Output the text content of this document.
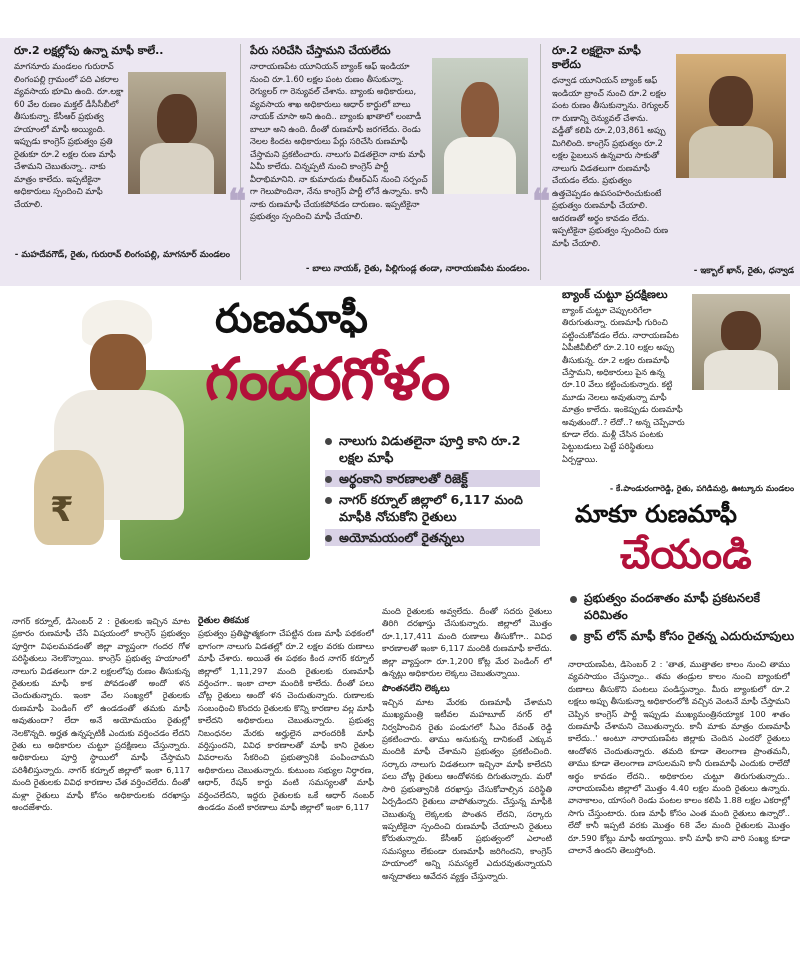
రూ.2 లక్షల్లోపు ఉన్నా మాఫీ కాలే..
మాగనూరు మండలం గురురావ్ లింగంపల్లి గ్రామంలో పది ఎకరాల వ్యవసాయ భూమి ఉంది. రూ.లక్షా 60 వేల రుణం మక్తల్ డీసీసీబీలో తీసుకున్నా. కేసీఆర్ ప్రభుత్వ హయాంలో మాఫీ అయ్యింది. ఇప్పుడు కాంగ్రెస్ ప్రభుత్వం ప్రతి రైతుకూ రూ.2 లక్షల రుణ మాఫీ చేశామని చెబుతున్నా.. నాకు మాత్రం కాలేదు. ఇప్పటికైనా అధికారులు స్పందించి మాఫీ చేయాలి.
- మహదేవగౌడ్, రైతు, గురురావ్ లింగంపల్లి, మాగనూర్ మండలం
పేరు సరిచేసి చేస్తామని చేయలేదు
నారాయణపేట యూనియన్ బ్యాంక్ ఆఫ్ ఇండియా నుంచి రూ.1.60 లక్షల పంట రుణం తీసుకున్నా. రెగ్యులర్ గా రెన్యువల్ చేశాను. బ్యాంకు అధికారులు, వ్యవసాయ శాఖ అధికారులు ఆధార్ కార్డులో బాలు నాయక్ చూసా అని ఉంది.. బ్యాంకు ఖాతాలో లంబాడీ బాలూ అని ఉంది. దీంతో రుణమాఫీ జరగలేదు. రెండు నెలల కిందట అధికారులు పేర్లు సరిచేసి రుణమాఫీ చేస్తామని ప్రకటించారు. నాలుగు విడతలైనా నాకు మాఫీ ఏమీ కాలేదు. చిన్నప్పటి నుంచి కాంగ్రెస్ పార్టీ వీరాభిమానిని. నా కుమారుడు బీఆర్ఎస్ నుంచి సర్పంచ్ గా గెలుపొందినా, నేను కాంగ్రెస్ పార్టీ లోనే ఉన్నాను. కానీ నాకు రుణమాఫీ చేయకపోవడం దారుణం. ఇప్పటికైనా ప్రభుత్వం స్పందించి మాఫీ చేయాలి.
- బాలు నాయక్, రైతు, పిల్లిగుండ్ల తండా, నారాయణపేట మండలం.
❝
రూ.2 లక్షలైనా మాఫీ కాలేదు
ధన్వాడ యూనియన్ బ్యాంక్ ఆఫ్ ఇండియా బ్రాంచ్ నుంచి రూ.2 లక్షల పంట రుణం తీసుకున్నాను. రెగ్యులర్ గా రుణాన్ని రెన్యువల్ చేశాను. వడ్డీతో కలిపి రూ.2,03,861 అప్పు మిగిలింది. కాంగ్రెస్ ప్రభుత్వం రూ.2 లక్షల పైబలున ఉన్నవారు సాకుతో నాలుగు విడతలుగా రుణమాఫీ చేయడం లేదు. ప్రభుత్వం ఉత్తచెప్పడం ఉపసంహరించుకుంటే ప్రభుత్వం రుణమాఫీ చేయాలి. ఆదరణతో అర్థం కావడం లేదు. ఇప్పటికైనా ప్రభుత్వం స్పందించి రుణ మాఫీ చేయాలి.
- ఇక్బాల్ ఖాన్, రైతు, ధన్వాడ
❝
₹
రుణమాఫీ
గందరగోళం
నాలుగు విడుతలైనా పూర్తి కాని రూ.2 లక్షల మాఫీ
అర్థంకాని కారణాలతో రిజెక్ట్
నాగర్ కర్నూల్ జిల్లాలో 6,117 మంది మాఫీకి నోచుకోని రైతులు
అయోమయంలో రైతన్నలు
బ్యాంక్ చుట్టూ ప్రదక్షిణలు
బ్యాంక్ చుట్టూ చెప్పులరిగేలా తిరుగుతున్నా. రుణమాఫీ గురించి పట్టించుకోవడం లేదు. నారాయణపేట ఏపీజీవీబీలో రూ.2.10 లక్షల అప్పు తీసుకున్న. రూ.2 లక్షల రుణమాఫీ చేస్తామని, అధికారులు పైన ఉన్న రూ.10 వేలు కట్టించుకున్నారు. కట్టి మూడు నెలలు అవుతున్నా మాఫీ మాత్రం కాలేదు. ఇంకెప్పుడు రుణమాఫీ అవుతుందో..? లేదో..? అన్న చెప్పేవారు కూడా లేరు. మళ్లీ చేసిన పంటకు పెట్టుబడులు పెట్టే పరిస్థితులు ఏర్పడ్డాయి.
- కే.పాండురంగారెడ్డి, రైతు, పగిడిమర్రి, ఊట్కూరు మండలం
మాకూ రుణమాఫీ
చేయండి
ప్రభుత్వం వందశాతం మాఫీ ప్రకటనలకే పరిమితం
క్రాప్ లోన్ మాఫీ కోసం రైతన్న ఎదురుచూపులు
నాగర్ కర్నూల్, డిసెంబర్ 2 : రైతులకు ఇచ్చిన మాట ప్రకారం రుణమాఫీ చేసే విషయంలో కాంగ్రెస్ ప్రభుత్వం పూర్తిగా విఫలమవడంతో జిల్లా వ్యాప్తంగా గందర గోళ పరిస్థితులు నెలకొన్నాయి. కాంగ్రెస్ ప్రభుత్వ హయాంలో నాలుగు విడతలుగా రూ.2 లక్షలలోపు రుణం తీసుకున్న రైతులకు మాఫీ కాక పోవడంతో అందో ళన చెందుతున్నారు. ఇంకా వేల సంఖ్యలో రైతులకు రుణమాఫీ పెండింగ్ లో ఉండడంతో తమకు మాఫీ అవుతుందా? లేదా అనే అయోమయం రైతుల్లో నెలకొన్నది. అర్హత ఉన్నప్పటికీ ఎందుకు వర్తించడం లేదని రైతు లు అధికారుల చుట్టూ ప్రదక్షిణలు చేస్తున్నారు. అధికారులు పూర్తి స్థాయిలో మాఫీ చేస్తామని పరిశీలిస్తున్నారు. నాగర్ కర్నూల్ జిల్లాలో ఇంకా 6,117 మంది రైతులకు వివిధ కారణాల చేత వర్తించలేదు. దీంతో మళ్లా రైతులు మాఫీ కోసం అధికారులకు దరఖాస్తు అందజేశారు.
రైతుల తికమక
ప్రభుత్వం ప్రతిష్టాత్మకంగా చేపట్టిన రుణ మాఫీ పథకంలో భాగంగా నాలుగు విడతల్లో రూ.2 లక్షల వరకు రుణాలు మాఫీ చేశారు. అయితే ఈ పథకం కింద నాగర్ కర్నూల్ జిల్లాలో 1,11,297 మంది రైతులకు రుణమాఫీ వర్తించగా.. ఇంకా చాలా మందికి కాలేదు. దీంతో పలు చోట్ల రైతులు ఆందో ళన చెందుతున్నారు. రుణాలకు సంబంధించి కొందరు రైతులకు కొన్ని కారణాల వల్ల మాఫీ కాలేదని అధికారులు చెబుతున్నారు. ప్రభుత్వ నిబంధనల మేరకు అర్హులైన వారందరికీ మాఫీ వర్తిస్తుందని, వివిధ కారణాలతో మాఫీ కాని రైతుల వివరాలను సేకరించి ప్రభుత్వానికి పంపించామని అధికారులు చెబుతున్నారు. కుటుంబ సభ్యుల నిర్ధారణ, ఆధార్, రేషన్ కార్డు వంటి సమస్యలతో మాఫీ వర్తించలేదని, ఇద్దరు రైతులకు ఒకే ఆధార్ నంబర్ ఉండడం వంటి కారణాలు మాఫీ జిల్లాలో ఇంకా 6,117
మంది రైతులకు అవ్వలేదు. దీంతో సదరు రైతులు తిరిగి దరఖాస్తు చేసుకున్నారు. జిల్లాలో మొత్తం రూ.1,17,411 మంది రుణాలు తీసుకోగా.. వివిధ కారణాలతో ఇంకా 6,117 మందికి రుణమాఫీ కాలేదు. జిల్లా వ్యాప్తంగా రూ.1,200 కోట్ల మేర పెండింగ్ లో ఉన్నట్లు అధికారుల లెక్కలు చెబుతున్నాయి.
పొంతనలేని లెక్కలు
ఇచ్చిన మాట మేరకు రుణమాఫీ చేశామని ముఖ్యమంత్రి ఇటీవల మహబూబ్ నగర్ లో నిర్వహించిన రైతు పండుగలో సీఎం రేవంత్ రెడ్డి ప్రకటించారు. తాము అనుకున్న దానికంటే ఎక్కువ మందికి మాఫీ చేశామని ప్రభుత్వం ప్రకటించింది. సర్కారు నాలుగు విడతలుగా ఇచ్చినా మాఫీ కాలేదని పలు చోట్ల రైతులు ఆందోళనకు దిగుతున్నారు. మరో సారి ప్రభుత్వానికి దరఖాస్తు చేసుకోవాల్సిన పరిస్థితి ఏర్పడిందని రైతులు వాపోతున్నారు. చేస్తున్న మాఫీకి చెబుతున్న లెక్కలకు పొంతన లేదని, సర్కారు ఇప్పటికైనా స్పందించి రుణమాఫీ చేయాలని రైతులు కోరుతున్నారు. కేసీఆర్ ప్రభుత్వంలో ఎలాంటి సమస్యలు లేకుండా రుణమాఫీ జరిగిందని, కాంగ్రెస్ హయాంలో అన్ని సమస్యలే ఎదురవుతున్నాయని అన్నదాతలు ఆవేదన వ్యక్తం చేస్తున్నారు.
నారాయణపేట, డిసెంబర్ 2 : 'తాత, ముత్తాతల కాలం నుంచి తాము వ్యవసాయం చేస్తున్నాం.. తమ తండ్రుల కాలం నుంచి బ్యాంకులో రుణాలు తీసుకొని పంటలు పండిస్తున్నాం. మీరు బ్యాంకులో రూ.2 లక్షలు అప్పు తీసుకున్నా అధికారంలోకి వచ్చిన వెంటనే మాఫీ చేస్తామని చెప్పిన కాంగ్రెస్ పార్టీ ఇప్పుడు ముఖ్యమంత్రినయ్యాక 100 శాతం రుణమాఫీ చేశామని చెబుతున్నారు. కానీ మాకు మాత్రం రుణమాఫీ కాలేదు..' అంటూ నారాయణపేట జిల్లాకు చెందిన ఎందరో రైతులు ఆందోళన చెందుతున్నారు. తమది కూడా తెలంగాణ ప్రాంతమనీ, తాము కూడా తెలంగాణ వాసులమని కానీ రుణమాఫీ ఎందుకు రాలేదో అర్థం కావడం లేదని.. అధికారుల చుట్టూ తిరుగుతున్నారు.. నారాయణపేట జిల్లాలో మొత్తం 4.40 లక్షల మంది రైతులు ఉన్నారు. వానాకాలం, యాసంగి రెండు పంటల కాలం కలిపి 1.88 లక్షల ఎకరాల్లో సాగు చేస్తుంటారు. రుణ మాఫీ కోసం ఎంత మంది రైతులు ఉన్నారో.. లేదో కానీ ఇప్పటి వరకు మొత్తం 68 వేల మంది రైతులకు మొత్తం రూ.590 కోట్లు మాఫీ అయ్యాయి. కానీ మాఫీ కాని వారి సంఖ్య కూడా చాలానే ఉందని తెలుస్తోంది.
